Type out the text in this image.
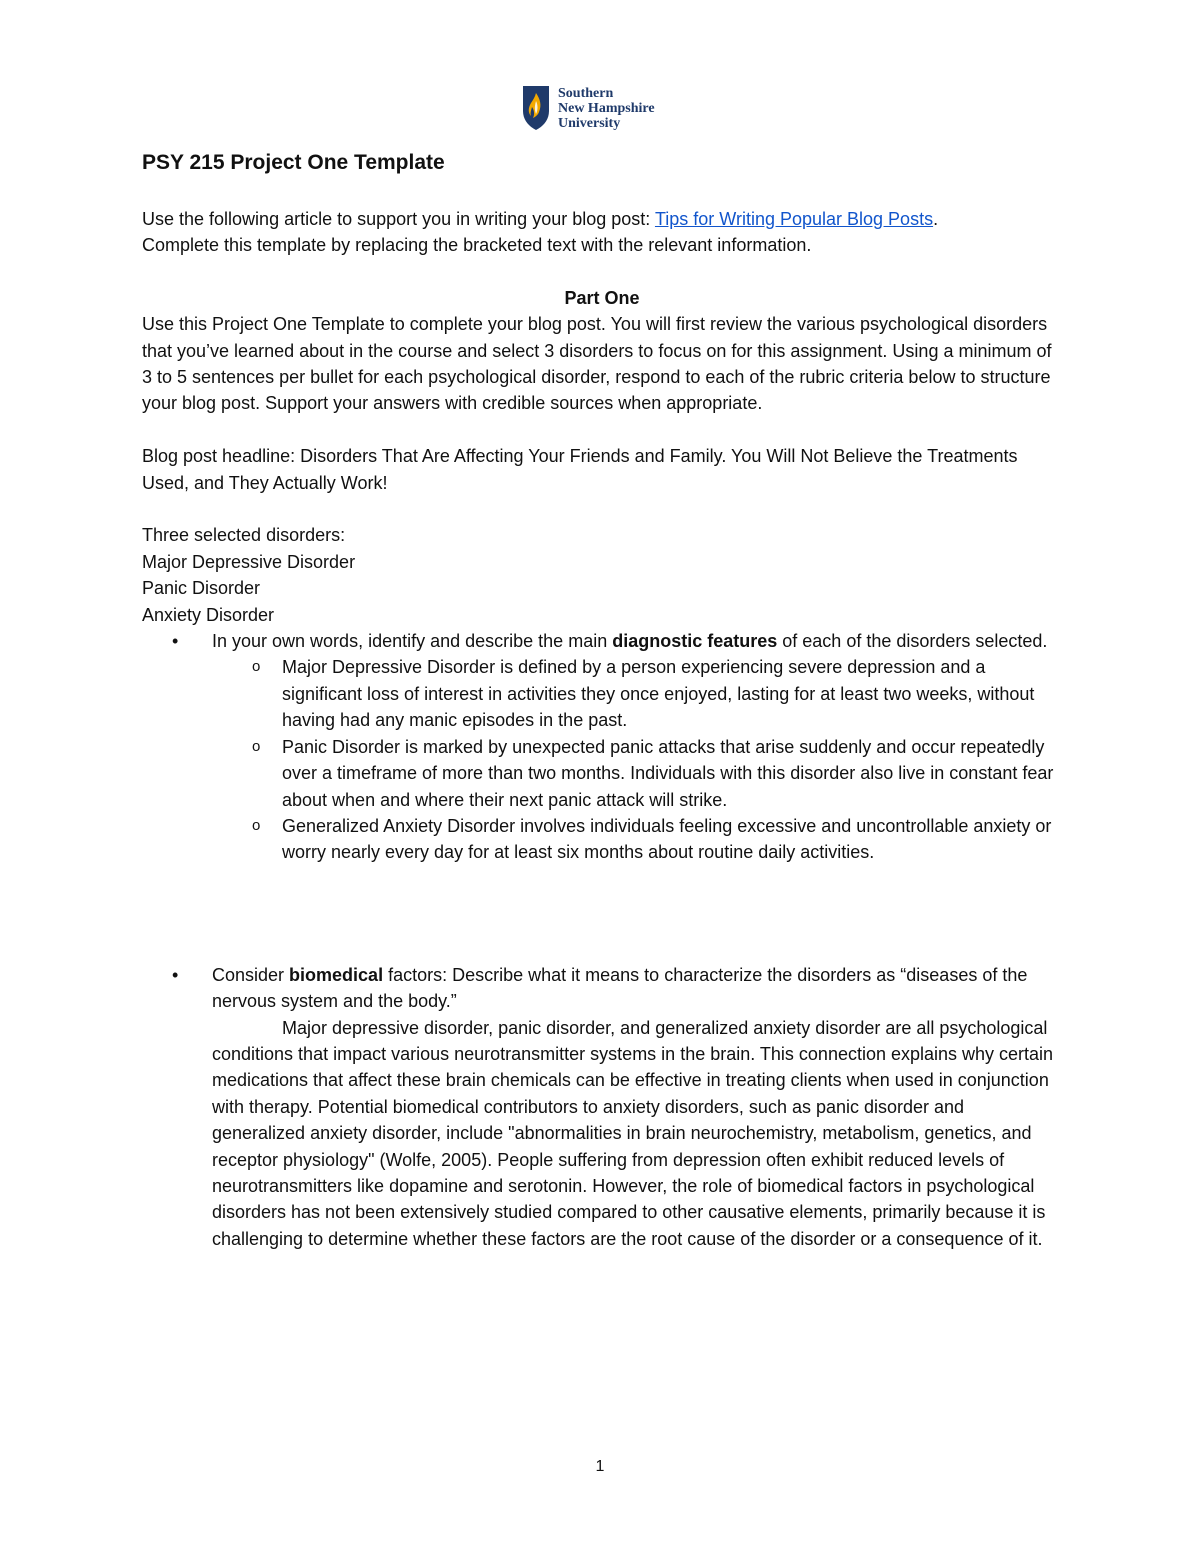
Southern
New Hampshire
University
PSY 215 Project One Template

Use the following article to support you in writing your blog post: Tips for Writing Popular Blog Posts.
Complete this template by replacing the bracketed text with the relevant information.

Part One

Use this Project One Template to complete your blog post. You will first review the various psychological disorders that you’ve learned about in the course and select 3 disorders to focus on for this assignment. Using a minimum of 3 to 5 sentences per bullet for each psychological disorder, respond to each of the rubric criteria below to structure your blog post. Support your answers with credible sources when appropriate.

Blog post headline: Disorders That Are Affecting Your Friends and Family. You Will Not Believe the Treatments Used, and They Actually Work!

Three selected disorders:

Major Depressive Disorder

Panic Disorder

Anxiety Disorder

• In your own words, identify and describe the main diagnostic features of each of the disorders selected.
o Major Depressive Disorder is defined by a person experiencing severe depression and a significant loss of interest in activities they once enjoyed, lasting for at least two weeks, without having had any manic episodes in the past.
o Panic Disorder is marked by unexpected panic attacks that arise suddenly and occur repeatedly over a timeframe of more than two months. Individuals with this disorder also live in constant fear about when and where their next panic attack will strike.
o Generalized Anxiety Disorder involves individuals feeling excessive and uncontrollable anxiety or worry nearly every day for at least six months about routine daily activities.
• Consider biomedical factors: Describe what it means to characterize the disorders as “diseases of the nervous system and the body.”

Major depressive disorder, panic disorder, and generalized anxiety disorder are all psychological conditions that impact various neurotransmitter systems in the brain. This connection explains why certain medications that affect these brain chemicals can be effective in treating clients when used in conjunction with therapy. Potential biomedical contributors to anxiety disorders, such as panic disorder and generalized anxiety disorder, include "abnormalities in brain neurochemistry, metabolism, genetics, and receptor physiology" (Wolfe, 2005). People suffering from depression often exhibit reduced levels of neurotransmitters like dopamine and serotonin. However, the role of biomedical factors in psychological disorders has not been extensively studied compared to other causative elements, primarily because it is challenging to determine whether these factors are the root cause of the disorder or a consequence of it.

1
